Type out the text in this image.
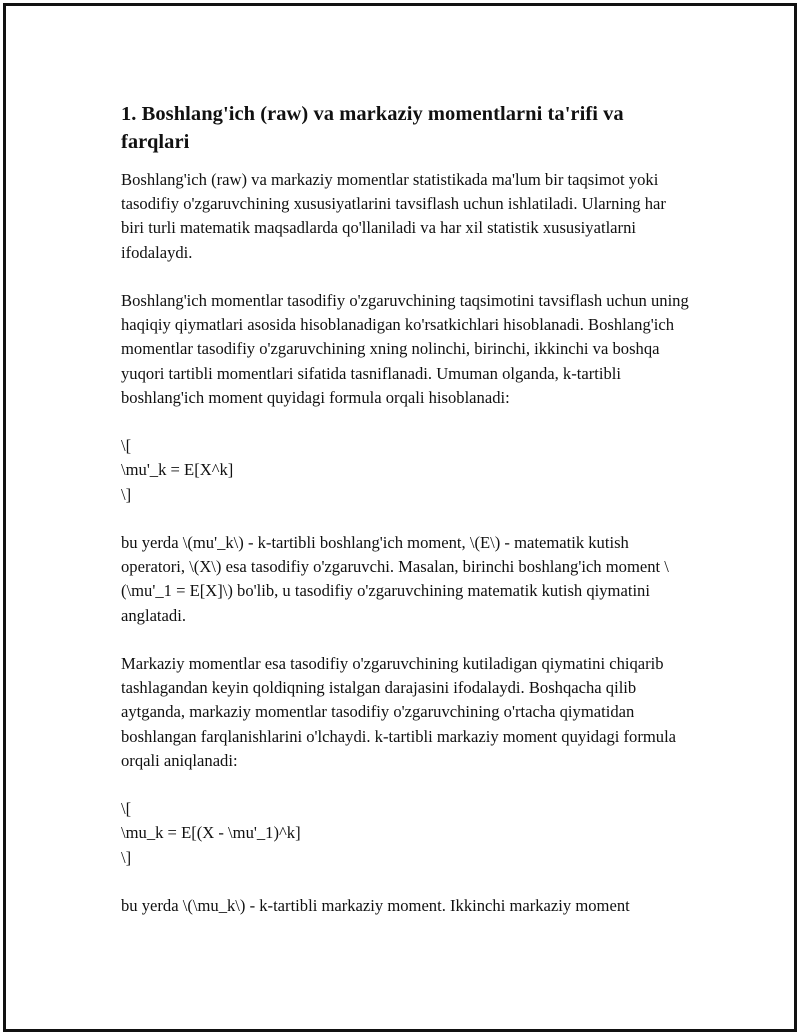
1. Boshlang'ich (raw) va markaziy momentlarni ta'rifi va farqlari

Boshlang'ich (raw) va markaziy momentlar statistikada ma'lum bir taqsimot yoki tasodifiy o'zgaruvchining xususiyatlarini tavsiflash uchun ishlatiladi. Ularning har biri turli matematik maqsadlarda qo'llaniladi va har xil statistik xususiyatlarni ifodalaydi.

Boshlang'ich momentlar tasodifiy o'zgaruvchining taqsimotini tavsiflash uchun uning haqiqiy qiymatlari asosida hisoblanadigan ko'rsatkichlari hisoblanadi. Boshlang'ich momentlar tasodifiy o'zgaruvchining xning nolinchi, birinchi, ikkinchi va boshqa yuqori tartibli momentlari sifatida tasniflanadi. Umuman olganda, k-tartibli boshlang'ich moment quyidagi formula orqali hisoblanadi:

\[
\mu'_k = E[X^k]
\]

bu yerda \(mu'_k\) - k-tartibli boshlang'ich moment, \(E\) - matematik kutish operatori, \(X\) esa tasodifiy o'zgaruvchi. Masalan, birinchi boshlang'ich moment \(\mu'_1 = E[X]\) bo'lib, u tasodifiy o'zgaruvchining matematik kutish qiymatini anglatadi.

Markaziy momentlar esa tasodifiy o'zgaruvchining kutiladigan qiymatini chiqarib tashlagandan keyin qoldiqning istalgan darajasini ifodalaydi. Boshqacha qilib aytganda, markaziy momentlar tasodifiy o'zgaruvchining o'rtacha qiymatidan boshlangan farqlanishlarini o'lchaydi. k-tartibli markaziy moment quyidagi formula orqali aniqlanadi:

\[
\mu_k = E[(X - \mu'_1)^k]
\]

bu yerda \(\mu_k\) - k-tartibli markaziy moment. Ikkinchi markaziy moment
